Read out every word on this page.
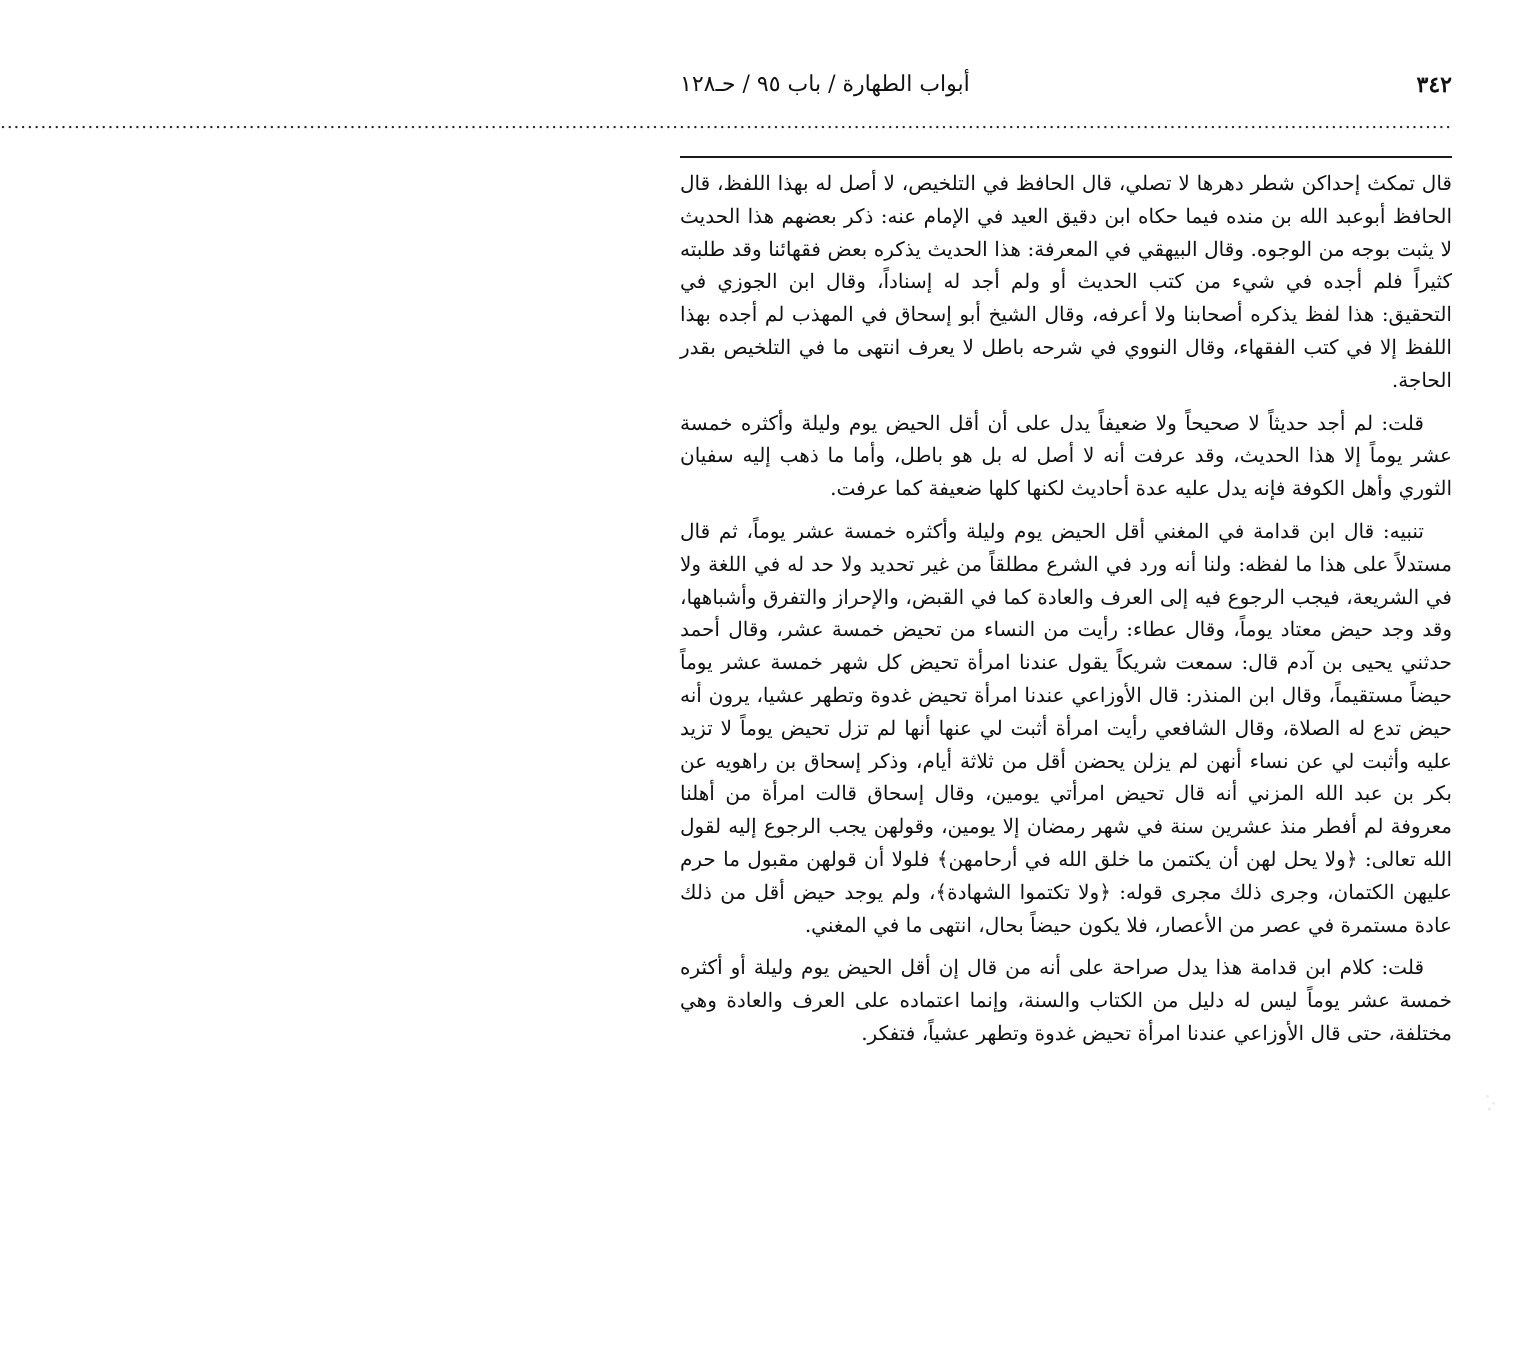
٣٤٢
أبواب الطهارة / باب ٩٥ / حـ١٢٨
........................................................................................................................................................................................................................

قال تمكث إحداكن شطر دهرها لا تصلي، قال الحافظ في التلخيص، لا أصل له بهذا اللفظ، قال الحافظ أبوعبد الله بن منده فيما حكاه ابن دقيق العيد في الإمام عنه: ذكر بعضهم هذا الحديث لا يثبت بوجه من الوجوه. وقال البيهقي في المعرفة: هذا الحديث يذكره بعض فقهائنا وقد طلبته كثيراً فلم أجده في شيء من كتب الحديث أو ولم أجد له إسناداً، وقال ابن الجوزي في التحقيق: هذا لفظ يذكره أصحابنا ولا أعرفه، وقال الشيخ أبو إسحاق في المهذب لم أجده بهذا اللفظ إلا في كتب الفقهاء، وقال النووي في شرحه باطل لا يعرف انتهى ما في التلخيص بقدر الحاجة.

قلت: لم أجد حديثاً لا صحيحاً ولا ضعيفاً يدل على أن أقل الحيض يوم وليلة وأكثره خمسة عشر يوماً إلا هذا الحديث، وقد عرفت أنه لا أصل له بل هو باطل، وأما ما ذهب إليه سفيان الثوري وأهل الكوفة فإنه يدل عليه عدة أحاديث لكنها كلها ضعيفة كما عرفت.

تنبيه: قال ابن قدامة في المغني أقل الحيض يوم وليلة وأكثره خمسة عشر يوماً، ثم قال مستدلاً على هذا ما لفظه: ولنا أنه ورد في الشرع مطلقاً من غير تحديد ولا حد له في اللغة ولا في الشريعة، فيجب الرجوع فيه إلى العرف والعادة كما في القبض، والإحراز والتفرق وأشباهها، وقد وجد حيض معتاد يوماً، وقال عطاء: رأيت من النساء من تحيض خمسة عشر، وقال أحمد حدثني يحيى بن آدم قال: سمعت شريكاً يقول عندنا امرأة تحيض كل شهر خمسة عشر يوماً حيضاً مستقيماً، وقال ابن المنذر: قال الأوزاعي عندنا امرأة تحيض غدوة وتطهر عشيا، يرون أنه حيض تدع له الصلاة، وقال الشافعي رأيت امرأة أثبت لي عنها أنها لم تزل تحيض يوماً لا تزيد عليه وأثبت لي عن نساء أنهن لم يزلن يحضن أقل من ثلاثة أيام، وذكر إسحاق بن راهويه عن بكر بن عبد الله المزني أنه قال تحيض امرأتي يومين، وقال إسحاق قالت امرأة من أهلنا معروفة لم أفطر منذ عشرين سنة في شهر رمضان إلا يومين، وقولهن يجب الرجوع إليه لقول الله تعالى: ﴿ولا يحل لهن أن يكتمن ما خلق الله في أرحامهن﴾ فلولا أن قولهن مقبول ما حرم عليهن الكتمان، وجرى ذلك مجرى قوله: ﴿ولا تكتموا الشهادة﴾، ولم يوجد حيض أقل من ذلك عادة مستمرة في عصر من الأعصار، فلا يكون حيضاً بحال، انتهى ما في المغني.

قلت: كلام ابن قدامة هذا يدل صراحة على أنه من قال إن أقل الحيض يوم وليلة أو أكثره خمسة عشر يوماً ليس له دليل من الكتاب والسنة، وإنما اعتماده على العرف والعادة وهي مختلفة، حتى قال الأوزاعي عندنا امرأة تحيض غدوة وتطهر عشياً، فتفكر.
